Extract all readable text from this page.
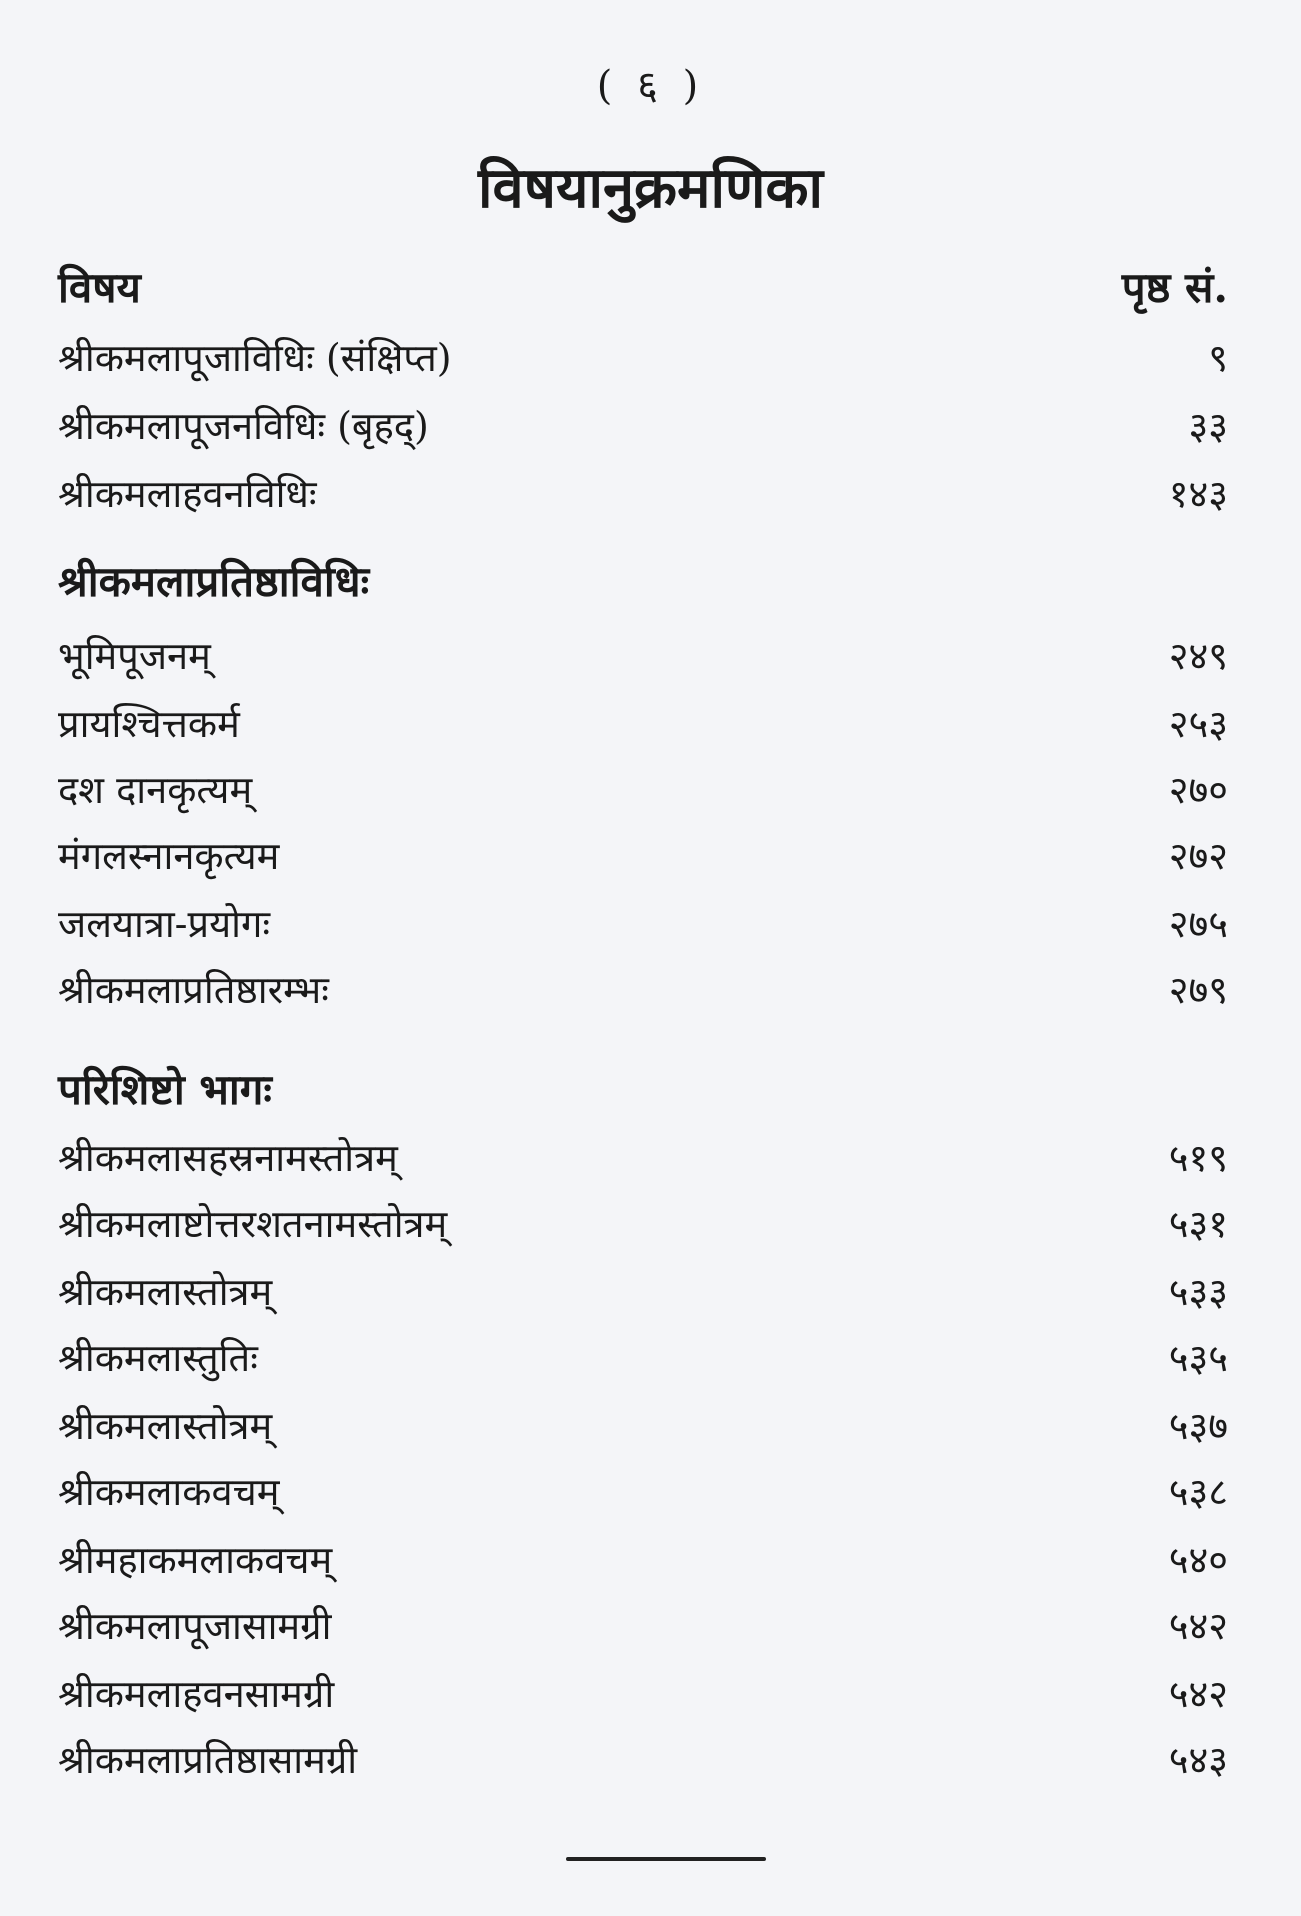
( ६ )
विषयानुक्रमणिका
विषय	पृष्ठ सं.
श्रीकमलापूजाविधिः (संक्षिप्त)	९
श्रीकमलापूजनविधिः (बृहद्)	३३
श्रीकमलाहवनविधिः	१४३
श्रीकमलाप्रतिष्ठाविधिः
भूमिपूजनम्	२४९
प्रायश्चित्तकर्म	२५३
दश दानकृत्यम्	२७०
मंगलस्नानकृत्यम	२७२
जलयात्रा-प्रयोगः	२७५
श्रीकमलाप्रतिष्ठारम्भः	२७९
परिशिष्टो भागः
श्रीकमलासहस्रनामस्तोत्रम्	५१९
श्रीकमलाष्टोत्तरशतनामस्तोत्रम्	५३१
श्रीकमलास्तोत्रम्	५३३
श्रीकमलास्तुतिः	५३५
श्रीकमलास्तोत्रम्	५३७
श्रीकमलाकवचम्	५३८
श्रीमहाकमलाकवचम्	५४०
श्रीकमलापूजासामग्री	५४२
श्रीकमलाहवनसामग्री	५४२
श्रीकमलाप्रतिष्ठासामग्री	५४३
